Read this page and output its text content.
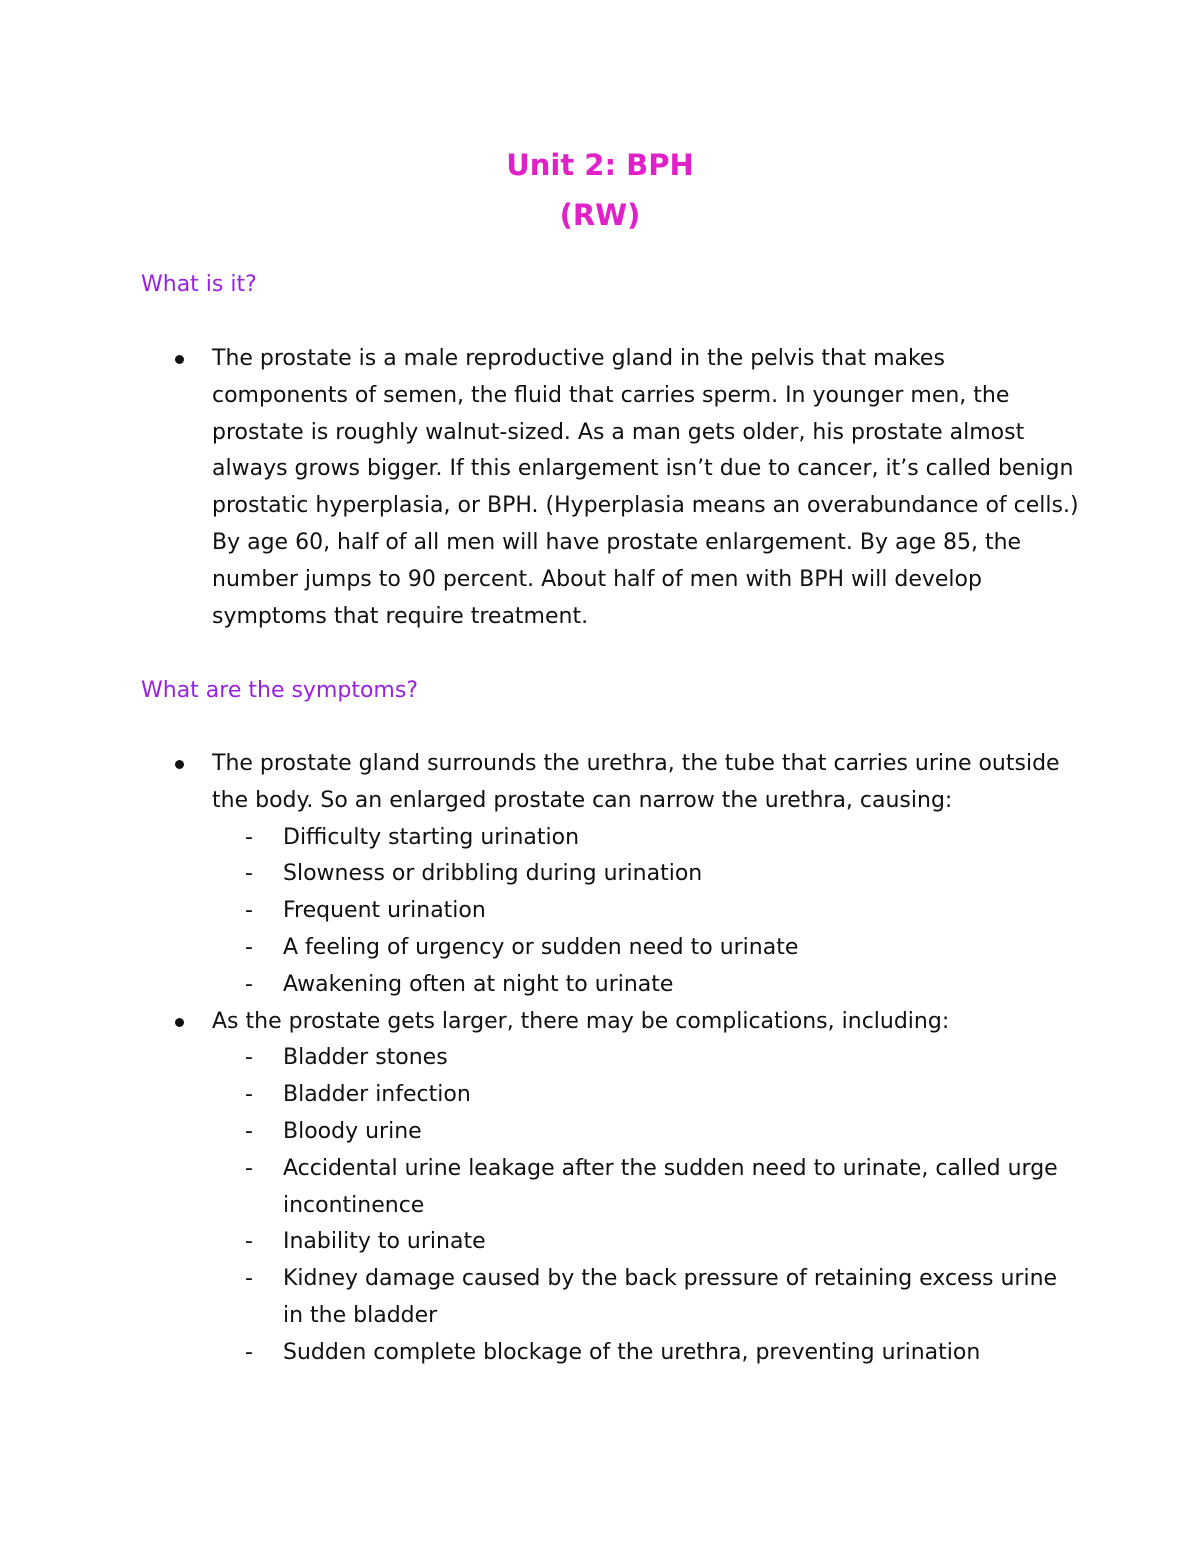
Unit 2: BPH
(RW)
What is it?
The prostate is a male reproductive gland in the pelvis that makes components of semen, the fluid that carries sperm. In younger men, the prostate is roughly walnut-sized. As a man gets older, his prostate almost always grows bigger. If this enlargement isn’t due to cancer, it’s called benign prostatic hyperplasia, or BPH. (Hyperplasia means an overabundance of cells.) By age 60, half of all men will have prostate enlargement. By age 85, the number jumps to 90 percent. About half of men with BPH will develop symptoms that require treatment.
What are the symptoms?
The prostate gland surrounds the urethra, the tube that carries urine outside the body. So an enlarged prostate can narrow the urethra, causing:
- Difficulty starting urination
- Slowness or dribbling during urination
- Frequent urination
- A feeling of urgency or sudden need to urinate
- Awakening often at night to urinate
As the prostate gets larger, there may be complications, including:
- Bladder stones
- Bladder infection
- Bloody urine
- Accidental urine leakage after the sudden need to urinate, called urge incontinence
- Inability to urinate
- Kidney damage caused by the back pressure of retaining excess urine in the bladder
- Sudden complete blockage of the urethra, preventing urination
